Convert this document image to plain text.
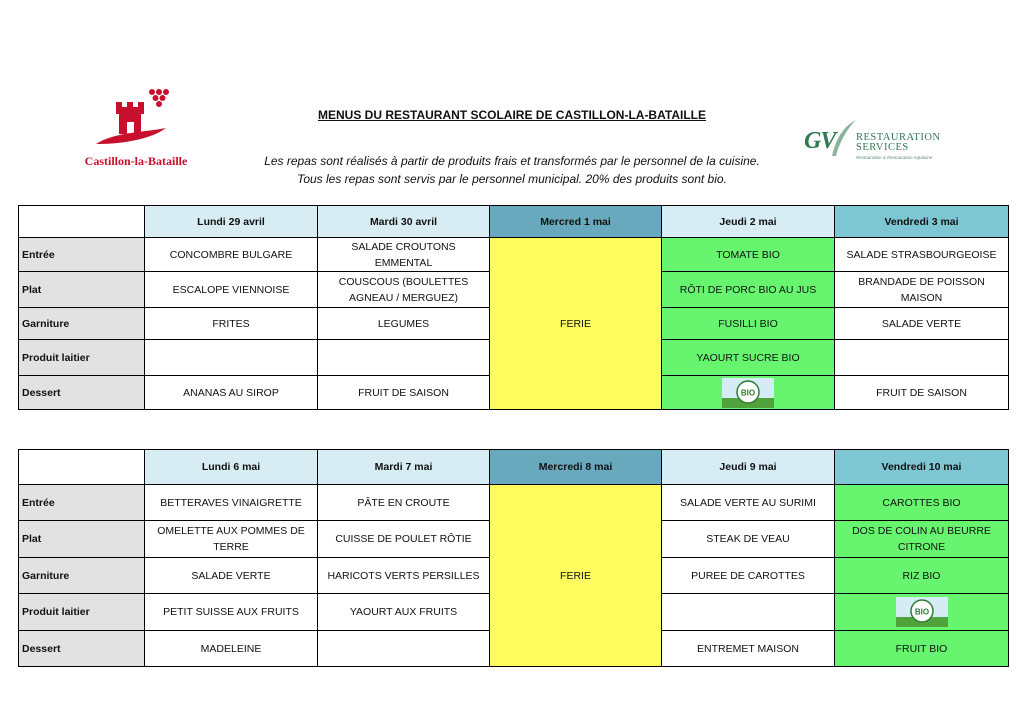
Castillon-la-Bataille
GV RESTAURATION
SERVICES
Restauration & Restauration Aquitaine
MENUS DU RESTAURANT SCOLAIRE DE CASTILLON-LA-BATAILLE
Les repas sont réalisés à partir de produits frais et transformés par le personnel de la cuisine.
Tous les repas sont servis par le personnel municipal. 20% des produits sont bio.
	Lundi 29 avril	Mardi 30 avril	Mercred 1 mai	Jeudi 2 mai	Vendredi 3 mai
Entrée	CONCOMBRE BULGARE	SALADE CROUTONS EMMENTAL	FERIE	TOMATE BIO	SALADE STRASBOURGEOISE
Plat	ESCALOPE VIENNOISE	COUSCOUS (BOULETTES AGNEAU / MERGUEZ)		RÔTI DE PORC BIO AU JUS	BRANDADE DE POISSON MAISON
Garniture	FRITES	LEGUMES		FUSILLI BIO	SALADE VERTE
Produit laitier				YAOURT SUCRE BIO	
Dessert	ANANAS AU SIROP	FRUIT DE SAISON		BIO	FRUIT DE SAISON
	Lundi 6 mai	Mardi 7 mai	Mercredi 8 mai	Jeudi 9 mai	Vendredi 10 mai
Entrée	BETTERAVES VINAIGRETTE	PÂTE EN CROUTE	FERIE	SALADE VERTE AU SURIMI	CAROTTES BIO
Plat	OMELETTE AUX POMMES DE TERRE	CUISSE DE POULET RÔTIE		STEAK DE VEAU	DOS DE COLIN AU BEURRE CITRONE
Garniture	SALADE VERTE	HARICOTS VERTS PERSILLES		PUREE DE CAROTTES	RIZ BIO
Produit laitier	PETIT SUISSE AUX FRUITS	YAOURT AUX FRUITS			BIO

Dessert	MADELEINE			ENTREMET MAISON	FRUIT BIO
